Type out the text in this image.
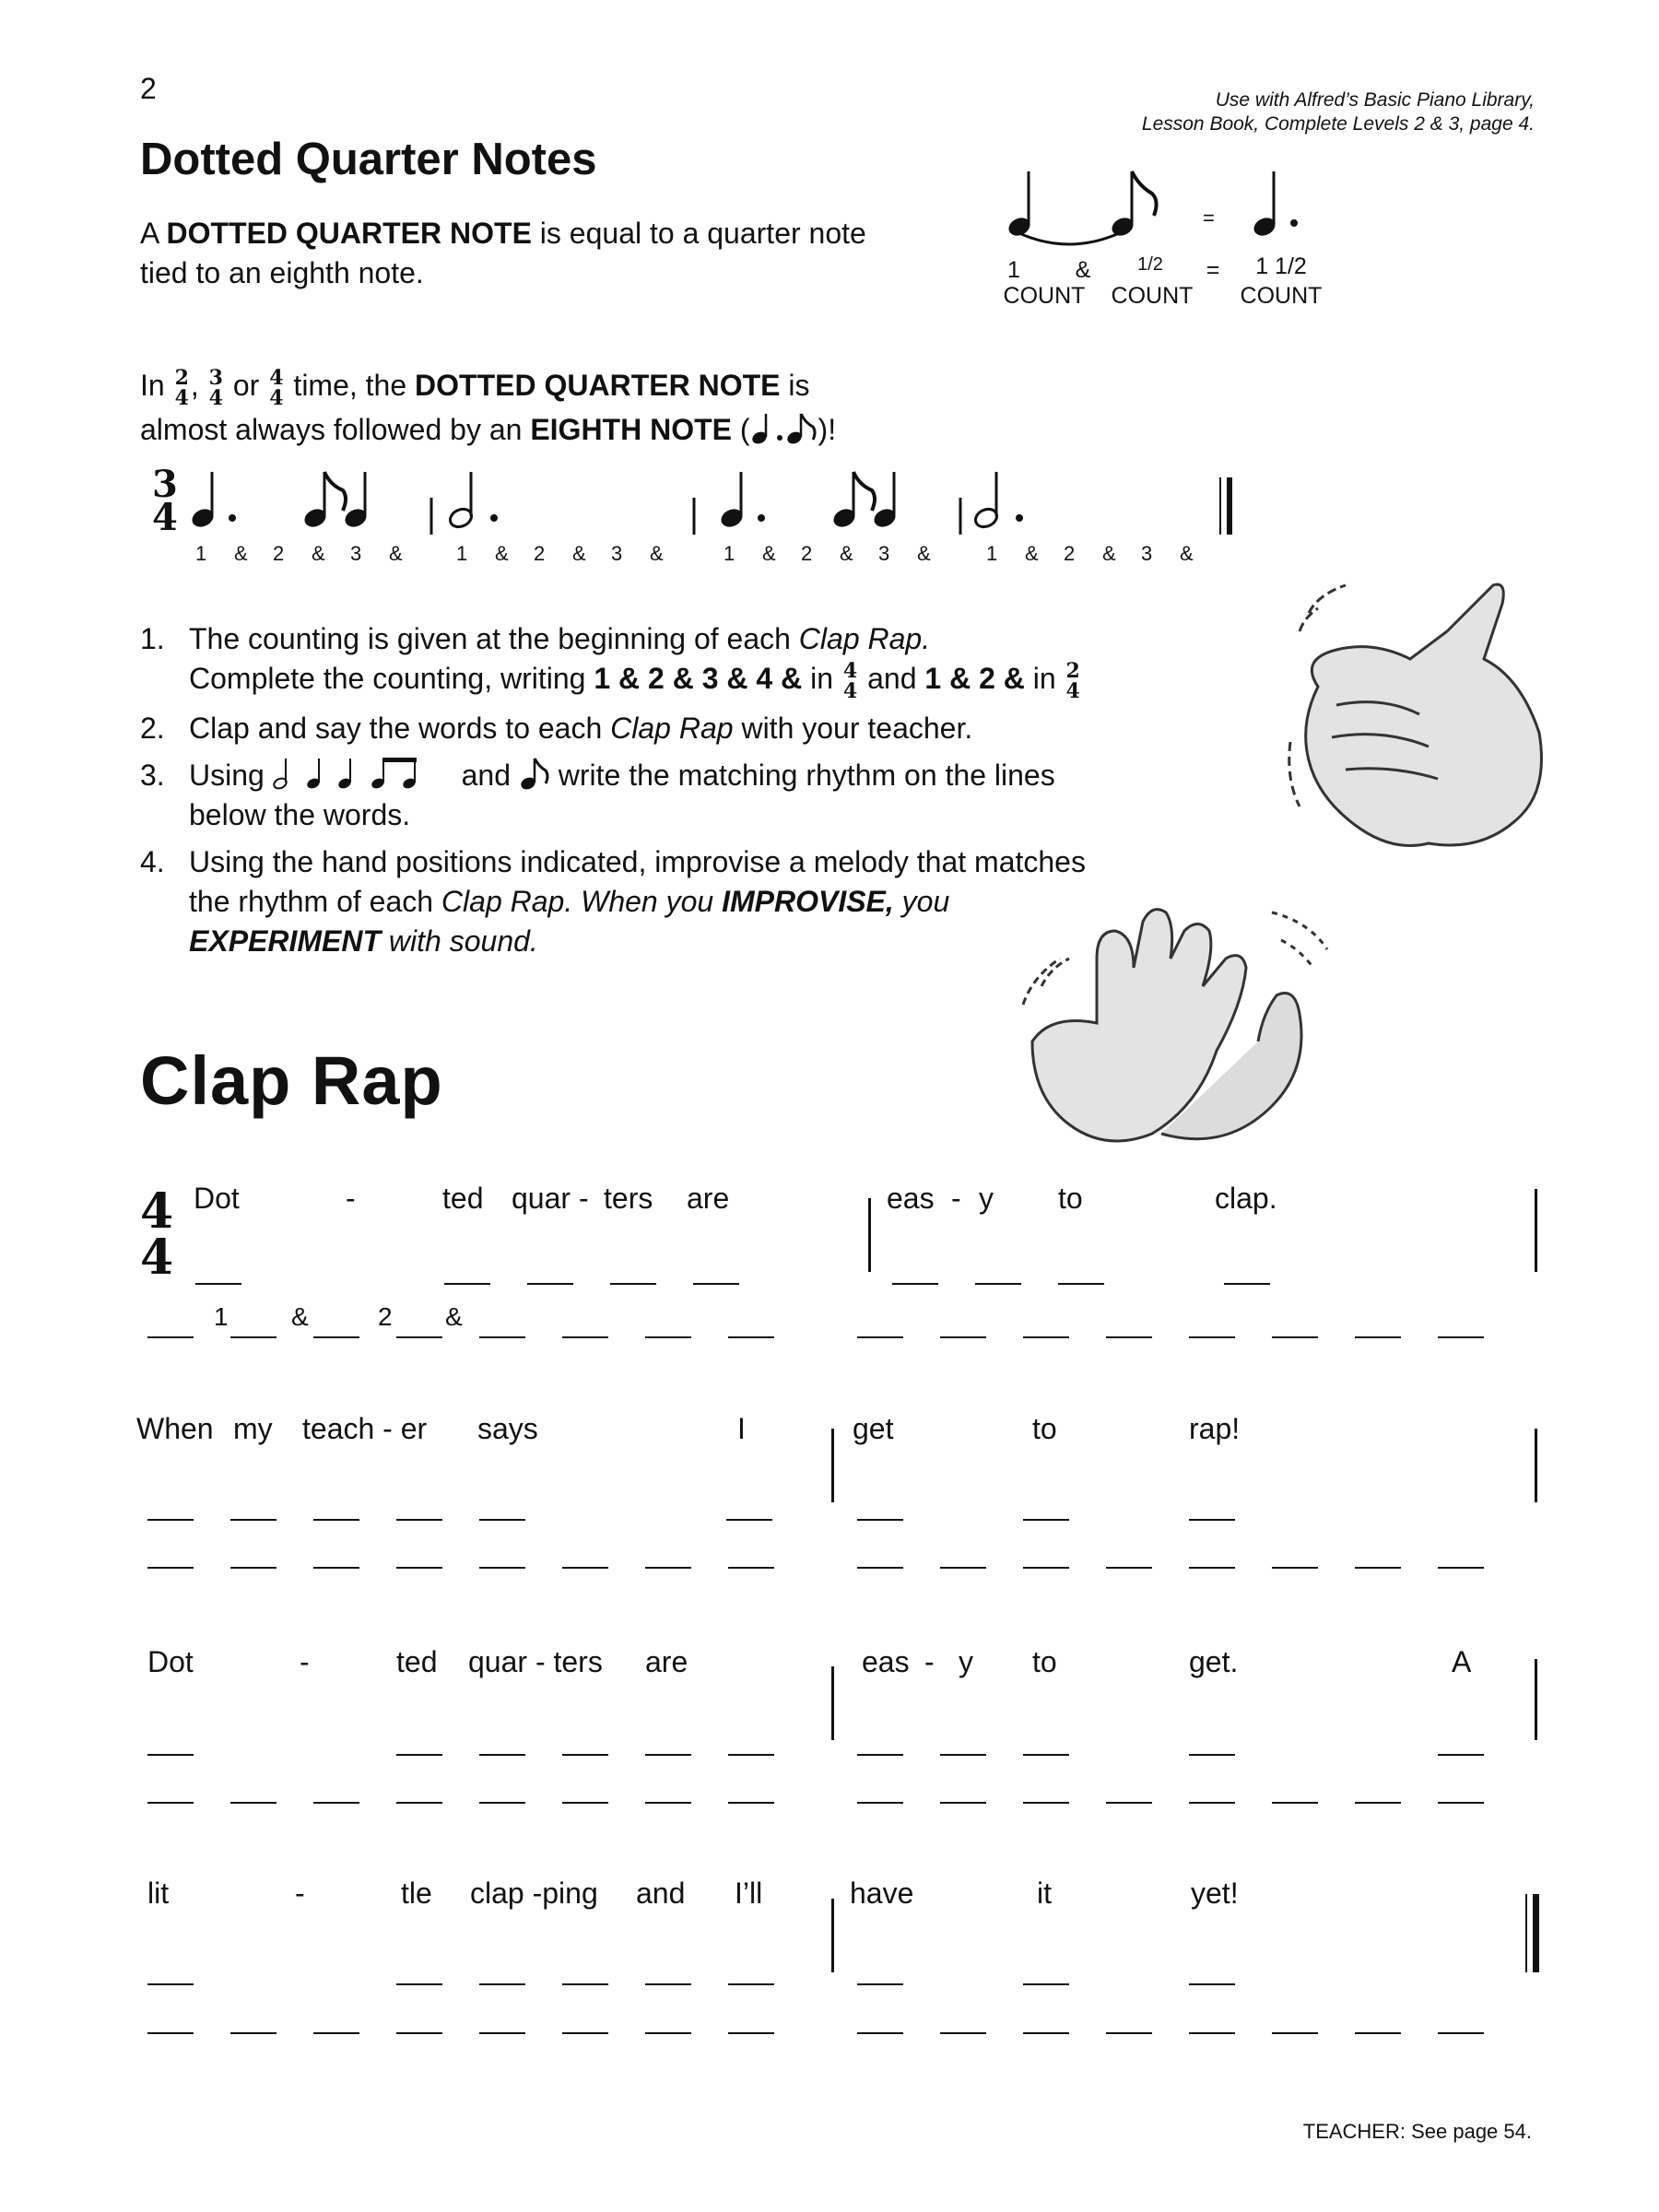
2	Use with Alfred’s Basic Piano Library,
Lesson Book, Complete Levels 2 & 3, page 4.
Dotted Quarter Notes
A DOTTED QUARTER NOTE is equal to a quarter note
tied to an eighth note.
=
1 &	1/2	=	1 1/2
COUNT COUNT COUNT
In 2
4 , 3
4 or 4
4 time, the DOTTED QUARTER NOTE is
almost always followed by an EIGHTH NOTE ( )!
3
4
1 & 2 & 3 &	1 & 2 & 3 &	1 & 2 & 3 &	1 & 2 & 3 &
1. The counting is given at the beginning of each Clap Rap.
Complete the counting, writing 1 & 2 & 3 & 4 & in 4
4 and 1 & 2 & in 2
4
2. Clap and say the words to each Clap Rap with your teacher.
3. Using	and  write the matching rhythm on the lines
below the words.
4. Using the hand positions indicated, improvise a melody that matches
the rhythm of each Clap Rap. When you IMPROVISE, you
EXPERIMENT with sound.
Clap Rap
4
4
Dot	-	ted quar - ters are	eas - y to	clap.
When my teach - er says	I	get	to	rap!
Dot	-	ted quar - ters are	eas - y to	get.	A
lit	-	tle clap -ping and I’ll	have	it	yet!
1 &	2 &
TEACHER: See page 54.
